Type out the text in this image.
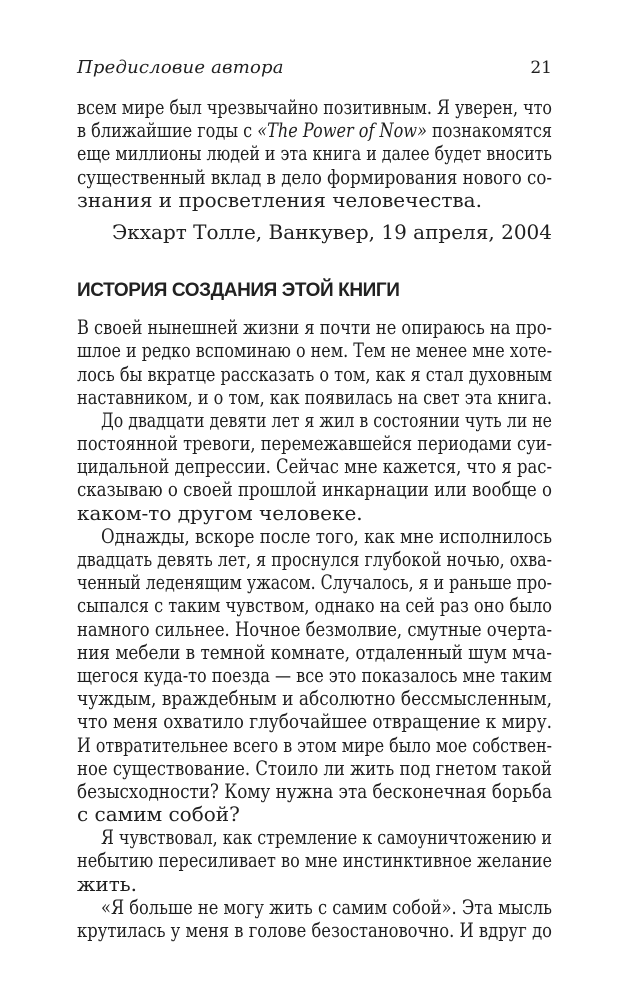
Предисловие автора	21
всем мире был чрезвычайно позитивным. Я уверен, что
в ближайшие годы с «The Power of Now» познакомятся
еще миллионы людей и эта книга и далее будет вносить
существенный вклад в дело формирования нового со-
знания и просветления человечества.
Экхарт Толле, Ванкувер, 19 апреля, 2004
ИСТОРИЯ СОЗДАНИЯ ЭТОЙ КНИГИ
В своей нынешней жизни я почти не опираюсь на про-
шлое и редко вспоминаю о нем. Тем не менее мне хоте-
лось бы вкратце рассказать о том, как я стал духовным
наставником, и о том, как появилась на свет эта книга.
До двадцати девяти лет я жил в состоянии чуть ли не
постоянной тревоги, перемежавшейся периодами суи-
цидальной депрессии. Сейчас мне кажется, что я рас-
сказываю о своей прошлой инкарнации или вообще о
каком-то другом человеке.
Однажды, вскоре после того, как мне исполнилось
двадцать девять лет, я проснулся глубокой ночью, охва-
ченный леденящим ужасом. Случалось, я и раньше про-
сыпался с таким чувством, однако на сей раз оно было
намного сильнее. Ночное безмолвие, смутные очерта-
ния мебели в темной комнате, отдаленный шум мча-
щегося куда-то поезда — все это показалось мне таким
чуждым, враждебным и абсолютно бессмысленным,
что меня охватило глубочайшее отвращение к миру.
И отвратительнее всего в этом мире было мое собствен-
ное существование. Стоило ли жить под гнетом такой
безысходности? Кому нужна эта бесконечная борьба
с самим собой?
Я чувствовал, как стремление к самоуничтожению и
небытию пересиливает во мне инстинктивное желание
жить.
«Я больше не могу жить с самим собой». Эта мысль
крутилась у меня в голове безостановочно. И вдруг до
